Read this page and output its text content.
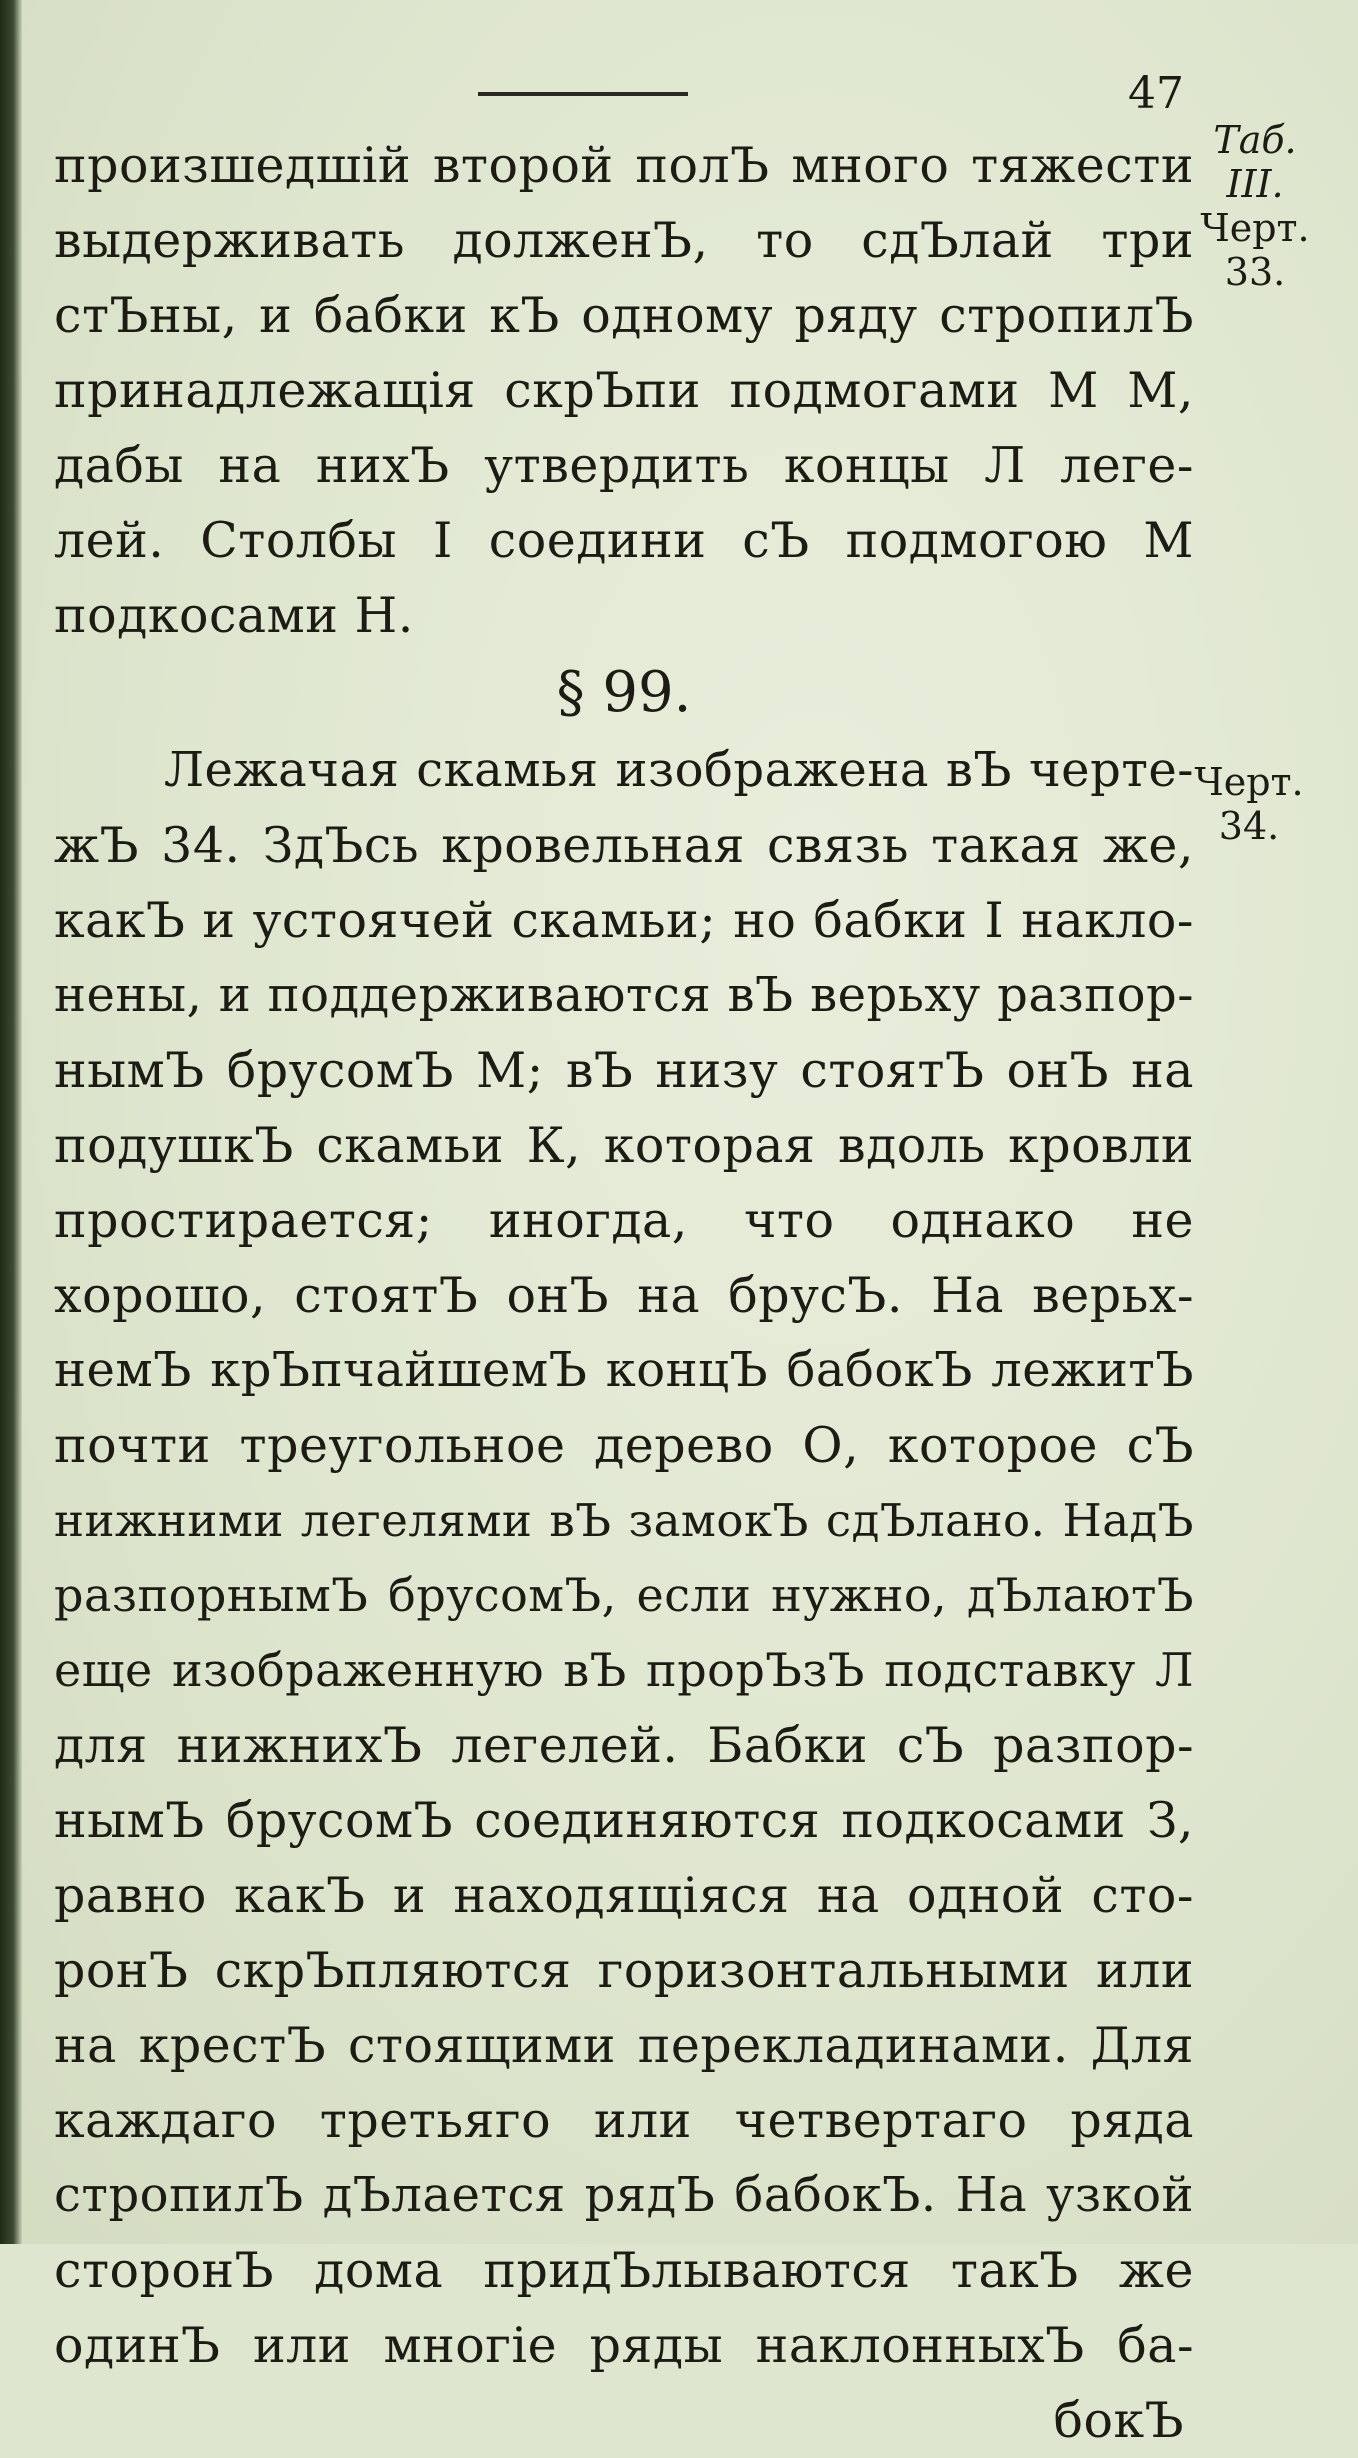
47
произшедшій второй полЪ много тяжести
выдерживать долженЪ, то сдЪлай три
стЪны, и бабки кЪ одному ряду стропилЪ
принадлежащія скрЪпи подмогами М М,
дабы на нихЪ утвердить концы Л леге-
лей. Столбы I соедини сЪ подмогою М
подкосами Н.
§ 99.
Лежачая скамья изображена вЪ черте-
жЪ 34. ЗдЪсь кровельная связь такая же,
какЪ и устоячей скамьи; но бабки I накло-
нены, и поддерживаются вЪ верьху разпор-
нымЪ брусомЪ М; вЪ низу стоятЪ онЪ на
подушкЪ скамьи К, которая вдоль кровли
простирается; иногда, что однако не
хорошо, стоятЪ онЪ на брусЪ. На верьх-
немЪ крЪпчайшемЪ концЪ бабокЪ лежитЪ
почти треугольное дерево О, которое сЪ
нижними легелями вЪ замокЪ сдЪлано. НадЪ
разпорнымЪ брусомЪ, если нужно, дЪлаютЪ
еще изображенную вЪ прорЪзЪ подставку Л
для нижнихЪ легелей. Бабки сЪ разпор-
нымЪ брусомЪ соединяются подкосами З,
равно какЪ и находящіяся на одной сто-
ронЪ скрЪпляются горизонтальными или
на крестЪ стоящими перекладинами. Для
каждаго третьяго или четвертаго ряда
стропилЪ дЪлается рядЪ бабокЪ. На узкой
сторонЪ дома придЪлываются такЪ же
одинЪ или многіе ряды наклонныхЪ ба-
бокЪ
Таб.
III.
Черт.
33.
Черт.
34.
